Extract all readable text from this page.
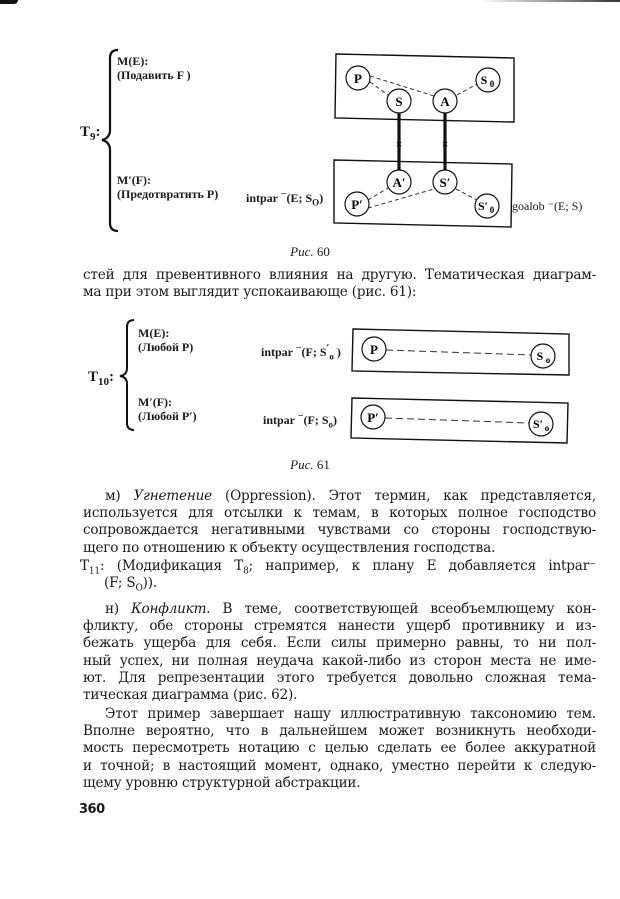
$T_9$:
M(E):
(Подавить F )
M′(F):
(Предотвратить P) intpar −(E; $S_O$)
P
S	A
S 0
×	×
A′	S′
P′	S′ 0 goalob ⁻(E; S)
Рис. 60
стей для превентивного влияния на другую. Тематическая диаграм-
ма при этом выглядит успокаивающе (рис. 61):
$T_{10}$:
M(E):
(Любой P)
M′(F):
(Любой P′)
intpar −(F; $S'_o$ )
intpar −(F; $S_o$)
P	S o
P′	S′ o
Рис. 61
м) Угнетение (Oppression). Этот термин, как представляется,
используется для отсылки к темам, в которых полное господство
сопровождается негативными чувствами со стороны господствую-
щего по отношению к объекту осуществления господства.
$T_{11}$: (Модификация $T_8$; например, к плану E добавляется intpar⁻
(F; $S_O$)).
н) Конфликт. В теме, соответствующей всеобъемлющему кон-
фликту, обе стороны стремятся нанести ущерб противнику и из-
бежать ущерба для себя. Если силы примерно равны, то ни пол-
ный успех, ни полная неудача какой-либо из сторон места не име-
ют. Для репрезентации этого требуется довольно сложная тема-
тическая диаграмма (рис. 62).
Этот пример завершает нашу иллюстративную таксономию тем.
Вполне вероятно, что в дальнейшем может возникнуть необходи-
мость пересмотреть нотацию с целью сделать ее более аккуратной
и точной; в настоящий момент, однако, уместно перейти к следую-
щему уровню структурной абстракции.
360
